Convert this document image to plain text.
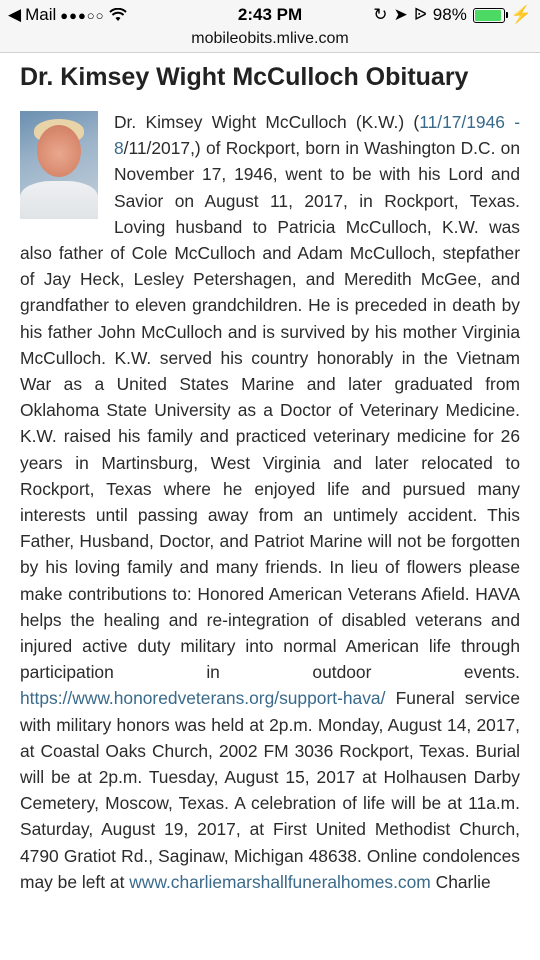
◀ Mail ●●●○○	2:43 PM	↻ ➤ ᐉ 98%	⚡
mobileobits.mlive.com
Dr. Kimsey Wight McCulloch Obituary

Dr. Kimsey Wight McCulloch (K.W.) (11/17/1946 - 8/11/2017,) of Rockport, born in Washington D.C. on November 17, 1946, went to be with his Lord and Savior on August 11, 2017, in Rockport, Texas. Loving husband to Patricia McCulloch, K.W. was also father of Cole McCulloch and Adam McCulloch, stepfather of Jay Heck, Lesley Petershagen, and Meredith McGee, and grandfather to eleven grandchildren. He is preceded in death by his father John McCulloch and is survived by his mother Virginia McCulloch. K.W. served his country honorably in the Vietnam War as a United States Marine and later graduated from Oklahoma State University as a Doctor of Veterinary Medicine. K.W. raised his family and practiced veterinary medicine for 26 years in Martinsburg, West Virginia and later relocated to Rockport, Texas where he enjoyed life and pursued many interests until passing away from an untimely accident. This Father, Husband, Doctor, and Patriot Marine will not be forgotten by his loving family and many friends. In lieu of flowers please make contributions to: Honored American Veterans Afield. HAVA helps the healing and re-integration of disabled veterans and injured active duty military into normal American life through participation in outdoor events. https://www.honoredveterans.org/support-hava/ Funeral service with military honors was held at 2p.m. Monday, August 14, 2017, at Coastal Oaks Church, 2002 FM 3036 Rockport, Texas. Burial will be at 2p.m. Tuesday, August 15, 2017 at Holhausen Darby Cemetery, Moscow, Texas. A celebration of life will be at 11a.m. Saturday, August 19, 2017, at First United Methodist Church, 4790 Gratiot Rd., Saginaw, Michigan 48638. Online condolences may be left at www.charliemarshallfuneralhomes.com Charlie
